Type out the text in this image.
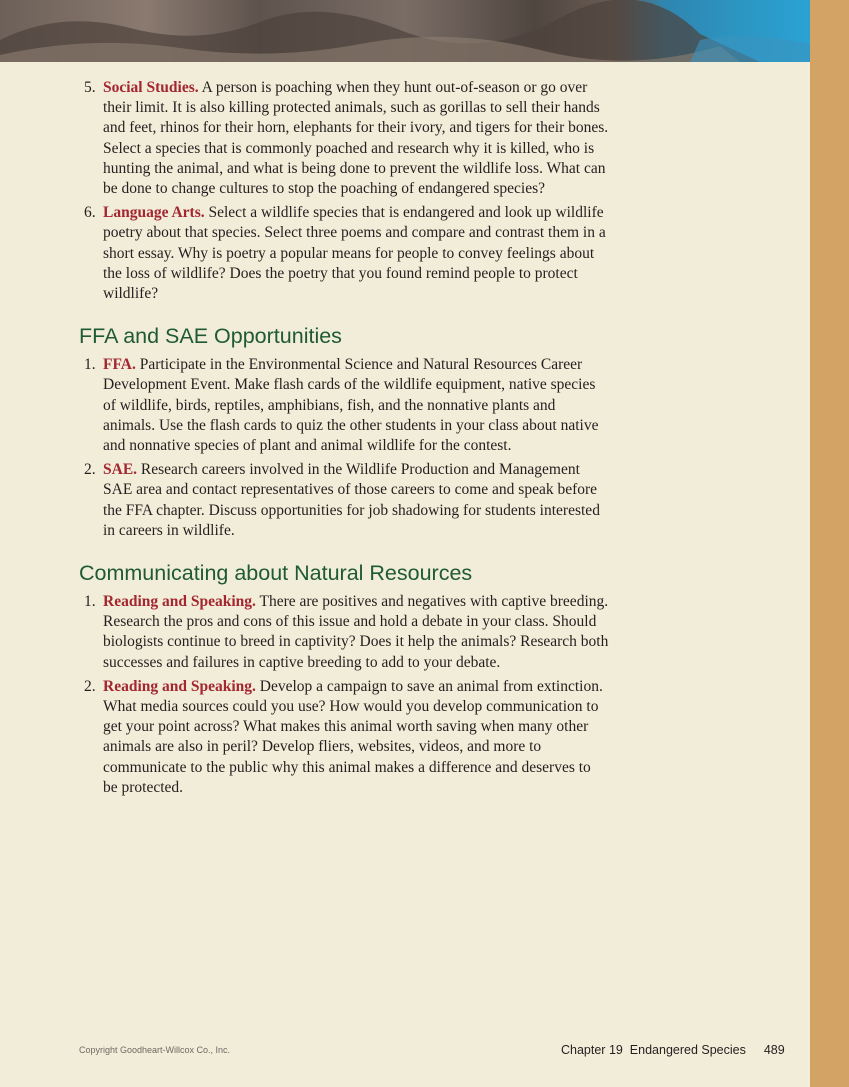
5. Social Studies. A person is poaching when they hunt out-of-season or go over their limit. It is also killing protected animals, such as gorillas to sell their hands and feet, rhinos for their horn, elephants for their ivory, and tigers for their bones. Select a species that is commonly poached and research why it is killed, who is hunting the animal, and what is being done to prevent the wildlife loss. What can be done to change cultures to stop the poaching of endangered species?
6. Language Arts. Select a wildlife species that is endangered and look up wildlife poetry about that species. Select three poems and compare and contrast them in a short essay. Why is poetry a popular means for people to convey feelings about the loss of wildlife? Does the poetry that you found remind people to protect wildlife?
FFA and SAE Opportunities
1. FFA. Participate in the Environmental Science and Natural Resources Career Development Event. Make flash cards of the wildlife equipment, native species of wildlife, birds, reptiles, amphibians, fish, and the nonnative plants and animals. Use the flash cards to quiz the other students in your class about native and nonnative species of plant and animal wildlife for the contest.
2. SAE. Research careers involved in the Wildlife Production and Management SAE area and contact representatives of those careers to come and speak before the FFA chapter. Discuss opportunities for job shadowing for students interested in careers in wildlife.
Communicating about Natural Resources
1. Reading and Speaking. There are positives and negatives with captive breeding. Research the pros and cons of this issue and hold a debate in your class. Should biologists continue to breed in captivity? Does it help the animals? Research both successes and failures in captive breeding to add to your debate.
2. Reading and Speaking. Develop a campaign to save an animal from extinction. What media sources could you use? How would you develop communication to get your point across? What makes this animal worth saving when many other animals are also in peril? Develop fliers, websites, videos, and more to communicate to the public why this animal makes a difference and deserves to be protected.
Copyright Goodheart-Willcox Co., Inc.	Chapter 19  Endangered Species 489
